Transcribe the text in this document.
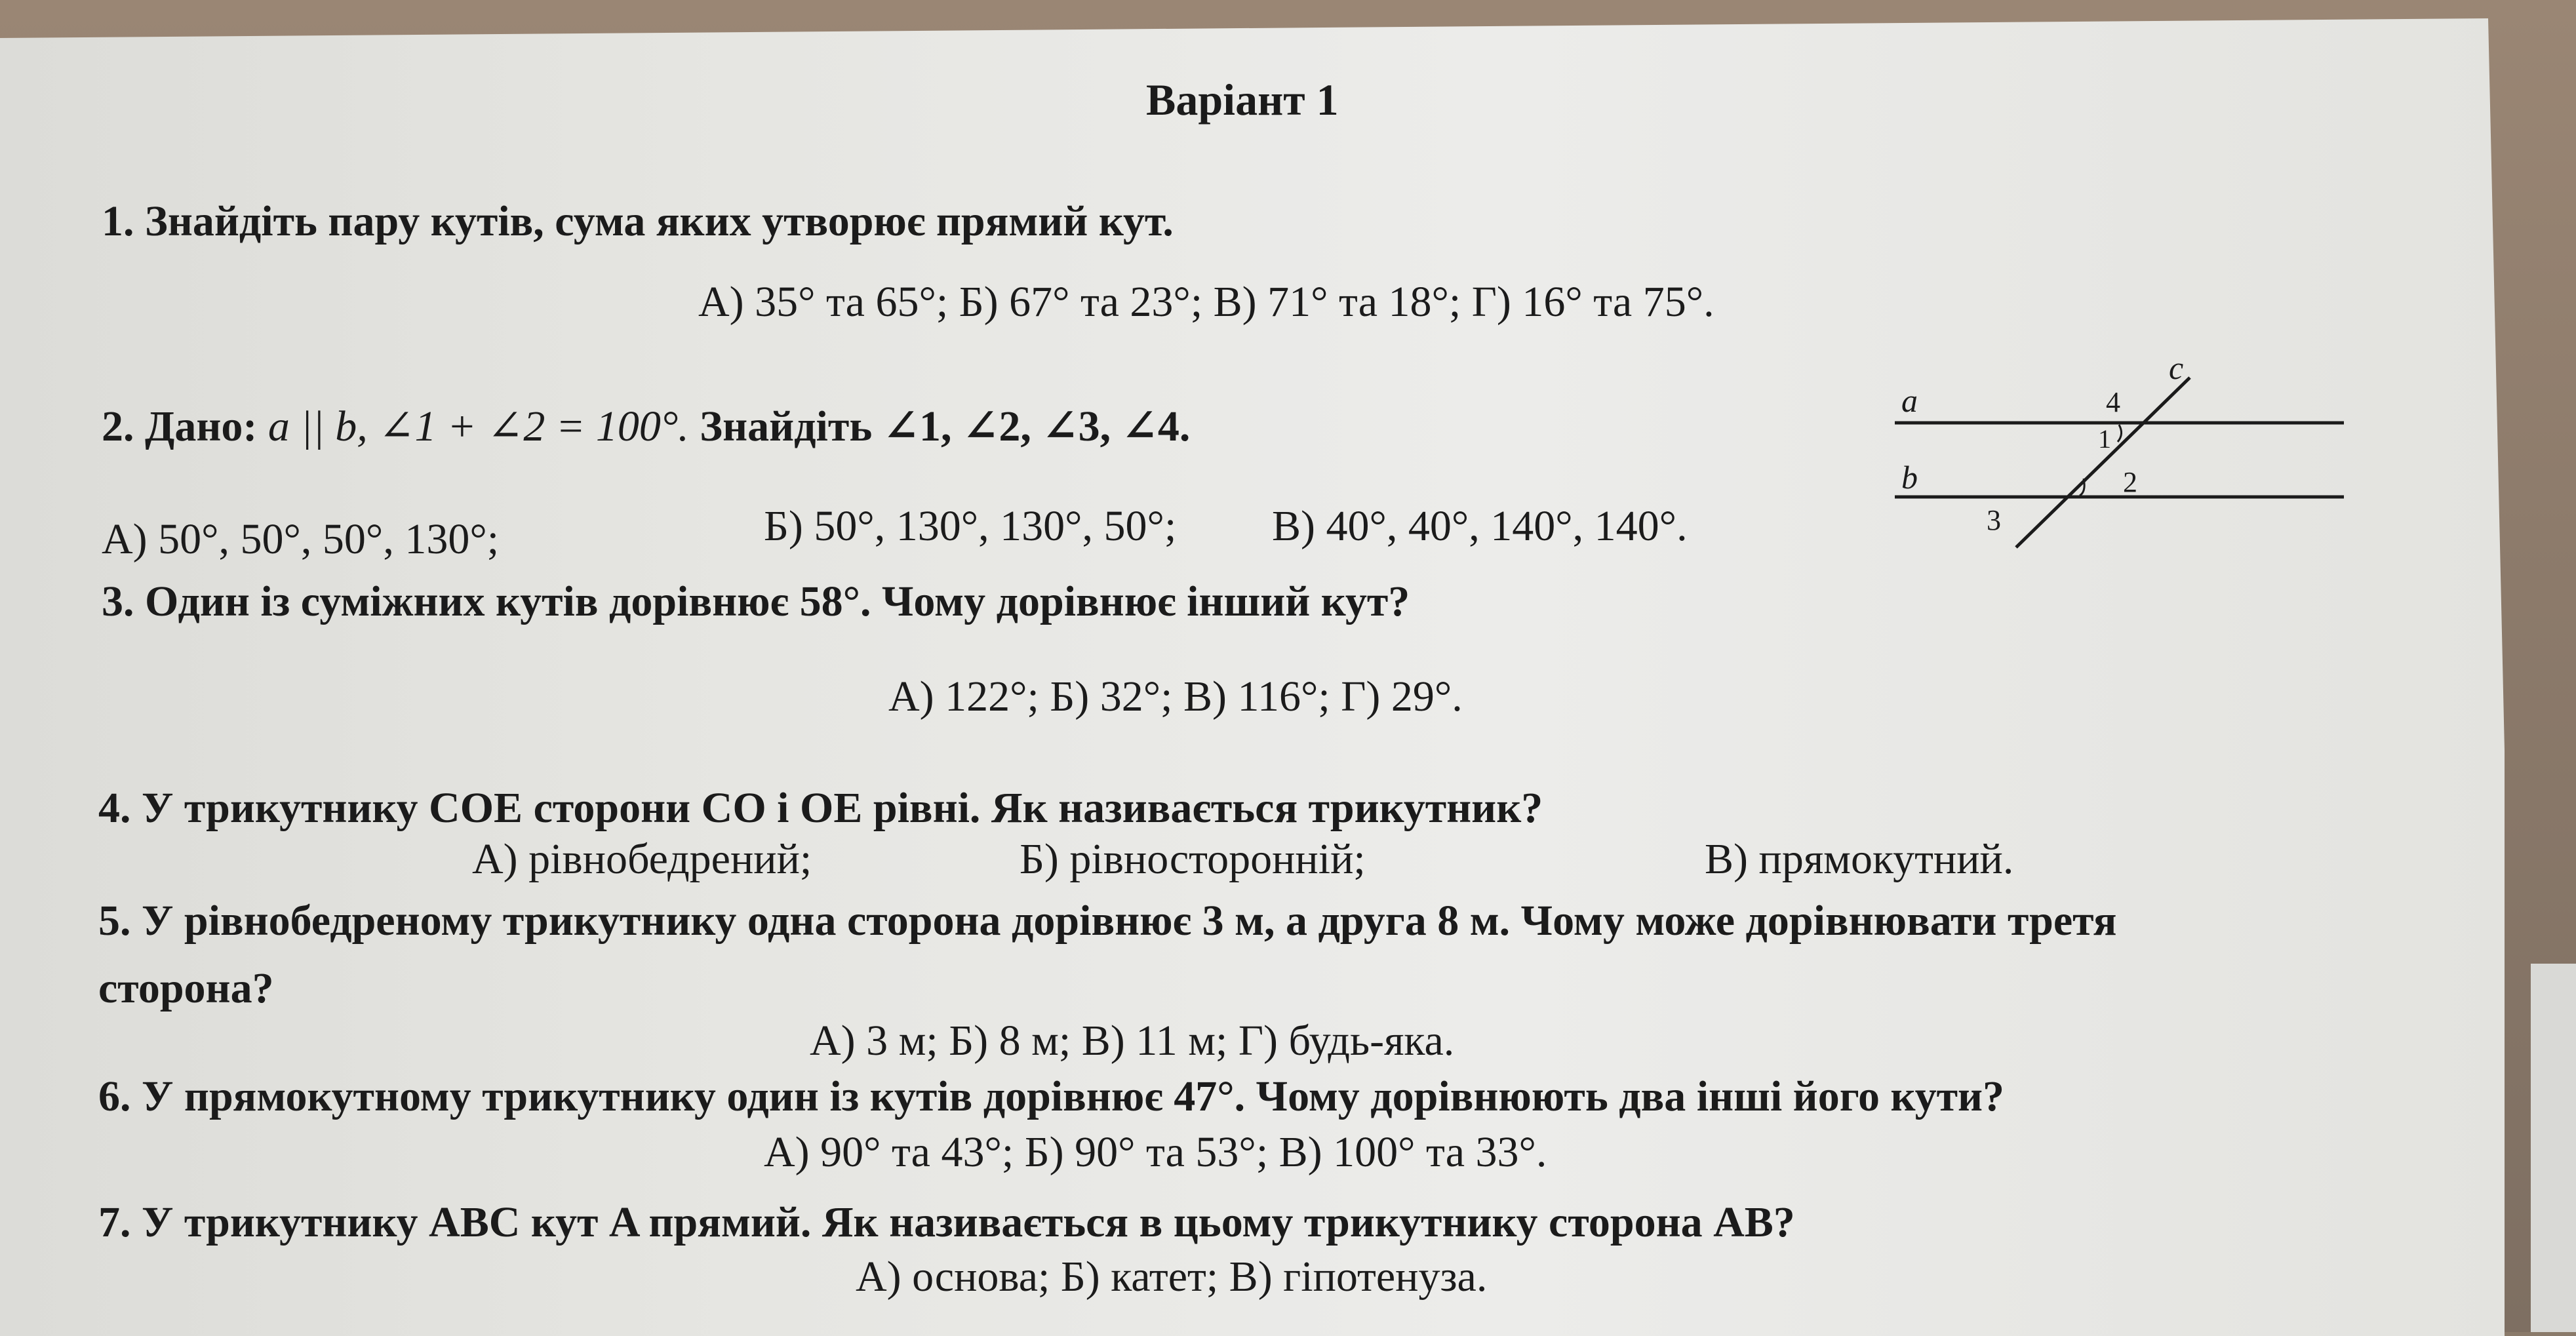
Варіант 1
1. Знайдіть пару кутів, сума яких утворює прямий кут.
А) 35° та 65°; Б) 67° та 23°; В) 71° та 18°; Г) 16° та 75°.
2. Дано: a || b, ∠1 + ∠2 = 100°. Знайдіть ∠1, ∠2, ∠3, ∠4.
А) 50°, 50°, 50°, 130°;	Б) 50°, 130°, 130°, 50°; В) 40°, 40°, 140°, 140°.
a
b
c
4
1
2
3
3. Один із суміжних кутів дорівнює 58°. Чому дорівнює інший кут?
А) 122°; Б) 32°; В) 116°; Г) 29°.
4. У трикутнику COE сторони CO і OE рівні. Як називається трикутник?
А) рівнобедрений;	Б) рівносторонній;	В) прямокутний.
5. У рівнобедреному трикутнику одна сторона дорівнює 3 м, а друга 8 м. Чому може дорівнювати третя
сторона?
А) 3 м; Б) 8 м; В) 11 м; Г) будь-яка.
6. У прямокутному трикутнику один із кутів дорівнює 47°. Чому дорівнюють два інші його кути?
А) 90° та 43°; Б) 90° та 53°; В) 100° та 33°.
7. У трикутнику ABC кут A прямий. Як називається в цьому трикутнику сторона AB?
А) основа; Б) катет; В) гіпотенуза.
